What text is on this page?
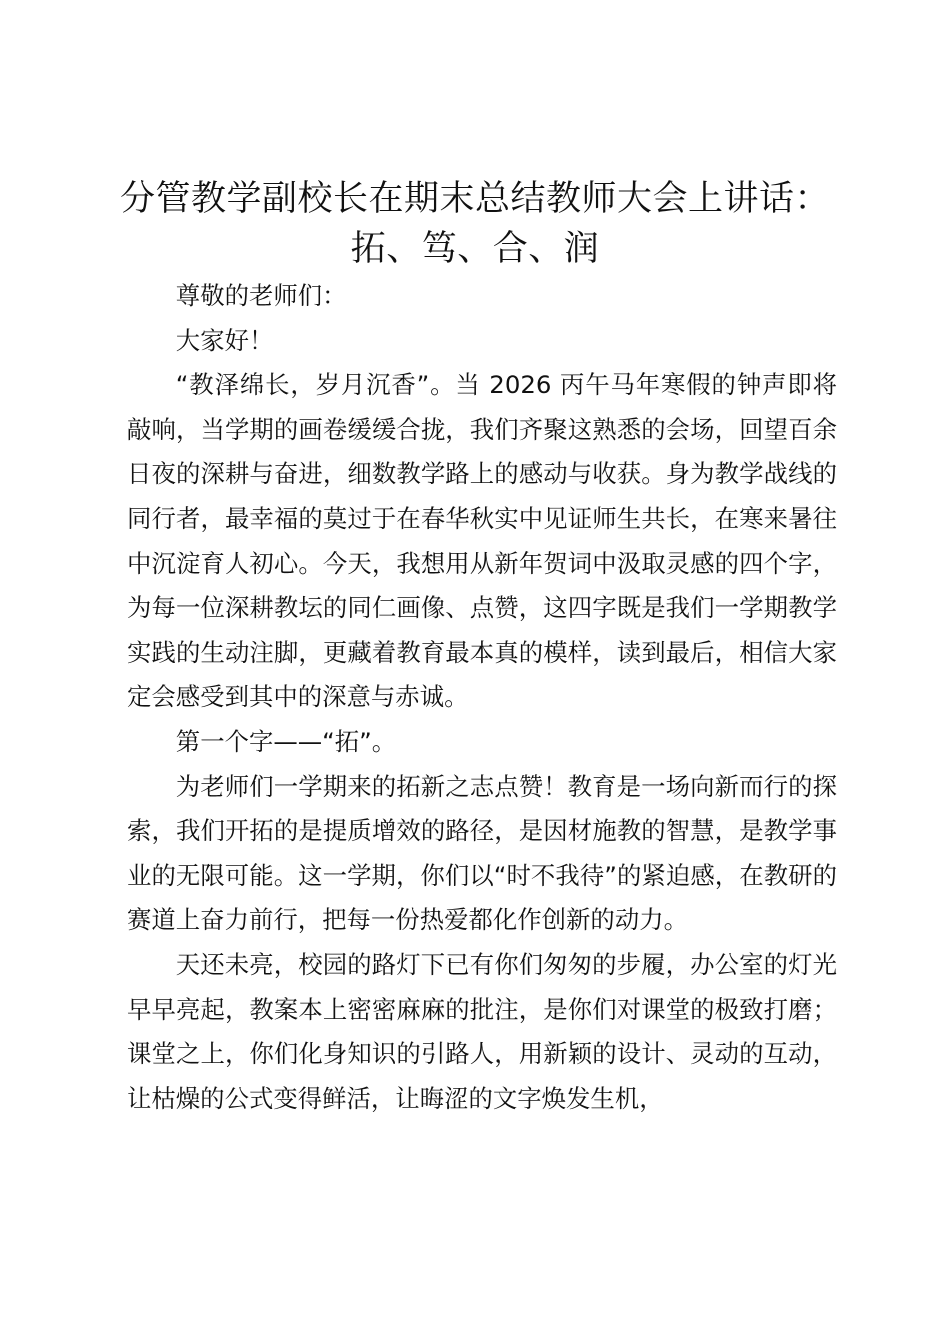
分管教学副校长在期末总结教师大会上讲话：
拓、笃、合、润

尊敬的老师们：

大家好！

“教泽绵长，岁月沉香”。当 2026 丙午马年寒假的钟声即将敲响，当学期的画卷缓缓合拢，我们齐聚这熟悉的会场，回望百余日夜的深耕与奋进，细数教学路上的感动与收获。身为教学战线的同行者，最幸福的莫过于在春华秋实中见证师生共长，在寒来暑往中沉淀育人初心。今天，我想用从新年贺词中汲取灵感的四个字，为每一位深耕教坛的同仁画像、点赞，这四字既是我们一学期教学实践的生动注脚，更藏着教育最本真的模样，读到最后，相信大家定会感受到其中的深意与赤诚。

第一个字——“拓”。

为老师们一学期来的拓新之志点赞！教育是一场向新而行的探索，我们开拓的是提质增效的路径，是因材施教的智慧，是教学事业的无限可能。这一学期，你们以“时不我待”的紧迫感，在教研的赛道上奋力前行，把每一份热爱都化作创新的动力。

天还未亮，校园的路灯下已有你们匆匆的步履，办公室的灯光早早亮起，教案本上密密麻麻的批注，是你们对课堂的极致打磨；课堂之上，你们化身知识的引路人，用新颖的设计、灵动的互动，让枯燥的公式变得鲜活，让晦涩的文字焕发生机，
